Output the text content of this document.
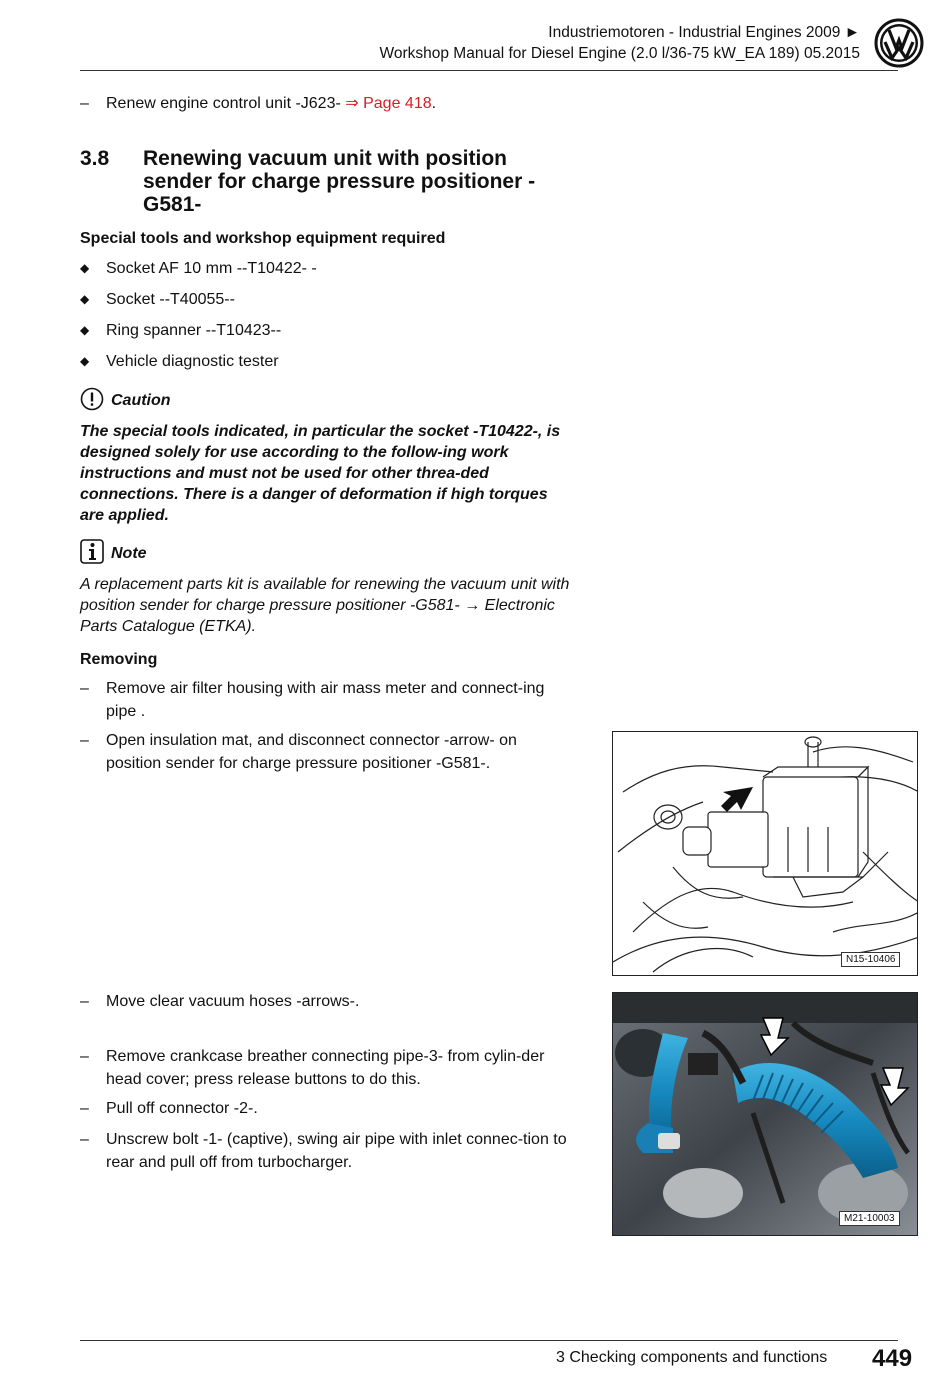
Industriemotoren - Industrial Engines 2009 ►
Workshop Manual for Diesel Engine (2.0 l/36-75 kW_EA 189) 05.2015
–	Renew engine control unit -J623- ⇒ Page 418.
3.8 Renewing vacuum unit with position sender for charge pressure positioner -G581-
Special tools and workshop equipment required
◆ Socket AF 10 mm --T10422- -
◆ Socket --T40055--
◆ Ring spanner --T10423--
◆ Vehicle diagnostic tester
Caution
The special tools indicated, in particular the socket -T10422-, is designed solely for use according to the follow-ing work instructions and must not be used for other threa-ded connections. There is a danger of deformation if high torques are applied.
Note
A replacement parts kit is available for renewing the vacuum unit with position sender for charge pressure positioner -G581- → Electronic Parts Catalogue (ETKA).
Removing
–	Remove air filter housing with air mass meter and connect-ing pipe .
–	Open insulation mat, and disconnect connector -arrow- on position sender for charge pressure positioner -G581-.
–	Move clear vacuum hoses -arrows-.
–	Remove crankcase breather connecting pipe-3- from cylin-der head cover; press release buttons to do this.
–	Pull off connector -2-.
–	Unscrew bolt -1- (captive), swing air pipe with inlet connec-tion to rear and pull off from turbocharger.
N15-10406
M21-10003
3 Checking components and functions 449
